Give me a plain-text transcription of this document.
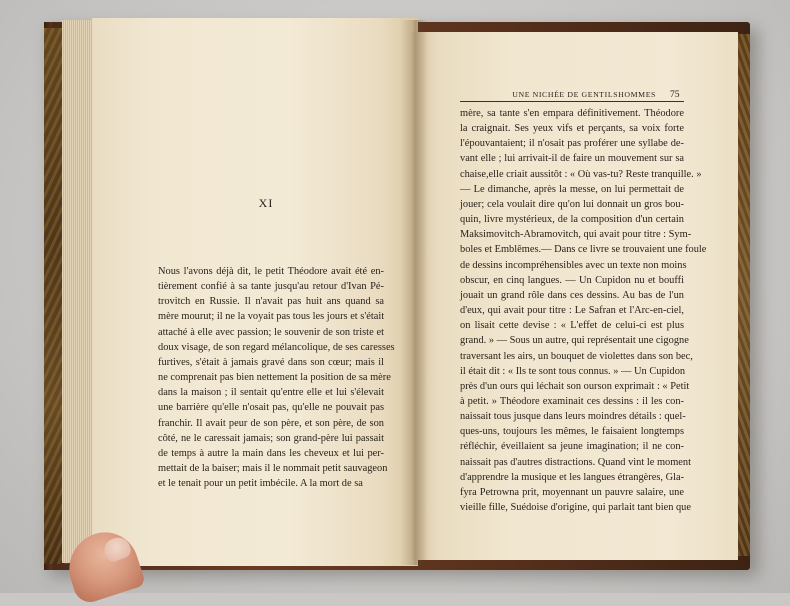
XI
Nous l'avons déjà dit, le petit Théodore avait été en-
tièrement confié à sa tante jusqu'au retour d'Ivan Pé-
trovitch en Russie. Il n'avait pas huit ans quand sa
mère mourut; il ne la voyait pas tous les jours et s'était
attaché à elle avec passion; le souvenir de son triste et
doux visage, de son regard mélancolique, de ses caresses
furtives, s'était à jamais gravé dans son cœur; mais il
ne comprenait pas bien nettement la position de sa mère
dans la maison ; il sentait qu'entre elle et lui s'élevait
une barrière qu'elle n'osait pas, qu'elle ne pouvait pas
franchir. Il avait peur de son père, et son père, de son
côté, ne le caressait jamais; son grand-père lui passait
de temps à autre la main dans les cheveux et lui per-
mettait de la baiser; mais il le nommait petit sauvageon
et le tenait pour un petit imbécile. A la mort de sa
UNE NICHÉE DE GENTILSHOMMES 75
mère, sa tante s'en empara définitivement. Théodore
la craignait. Ses yeux vifs et perçants, sa voix forte
l'épouvantaient; il n'osait pas proférer une syllabe de-
vant elle ; lui arrivait-il de faire un mouvement sur sa
chaise,elle criait aussitôt : « Où vas-tu? Reste tranquille. »
— Le dimanche, après la messe, on lui permettait de
jouer; cela voulait dire qu'on lui donnait un gros bou-
quin, livre mystérieux, de la composition d'un certain
Maksimovitch-Abramovitch, qui avait pour titre : Sym-
boles et Emblêmes.— Dans ce livre se trouvaient une foule
de dessins incompréhensibles avec un texte non moins
obscur, en cinq langues. — Un Cupidon nu et bouffi
jouait un grand rôle dans ces dessins. Au bas de l'un
d'eux, qui avait pour titre : Le Safran et l'Arc-en-ciel,
on lisait cette devise : « L'effet de celui-ci est plus
grand. » — Sous un autre, qui représentait une cigogne
traversant les airs, un bouquet de violettes dans son bec,
il était dit : « Ils te sont tous connus. » — Un Cupidon
près d'un ours qui léchait son ourson exprimait : « Petit
à petit. » Théodore examinait ces dessins : il les con-
naissait tous jusque dans leurs moindres détails : quel-
ques-uns, toujours les mêmes, le faisaient longtemps
réfléchir, éveillaient sa jeune imagination; il ne con-
naissait pas d'autres distractions. Quand vint le moment
d'apprendre la musique et les langues étrangères, Gla-
fyra Petrowna prit, moyennant un pauvre salaire, une
vieille fille, Suédoise d'origine, qui parlait tant bien que
